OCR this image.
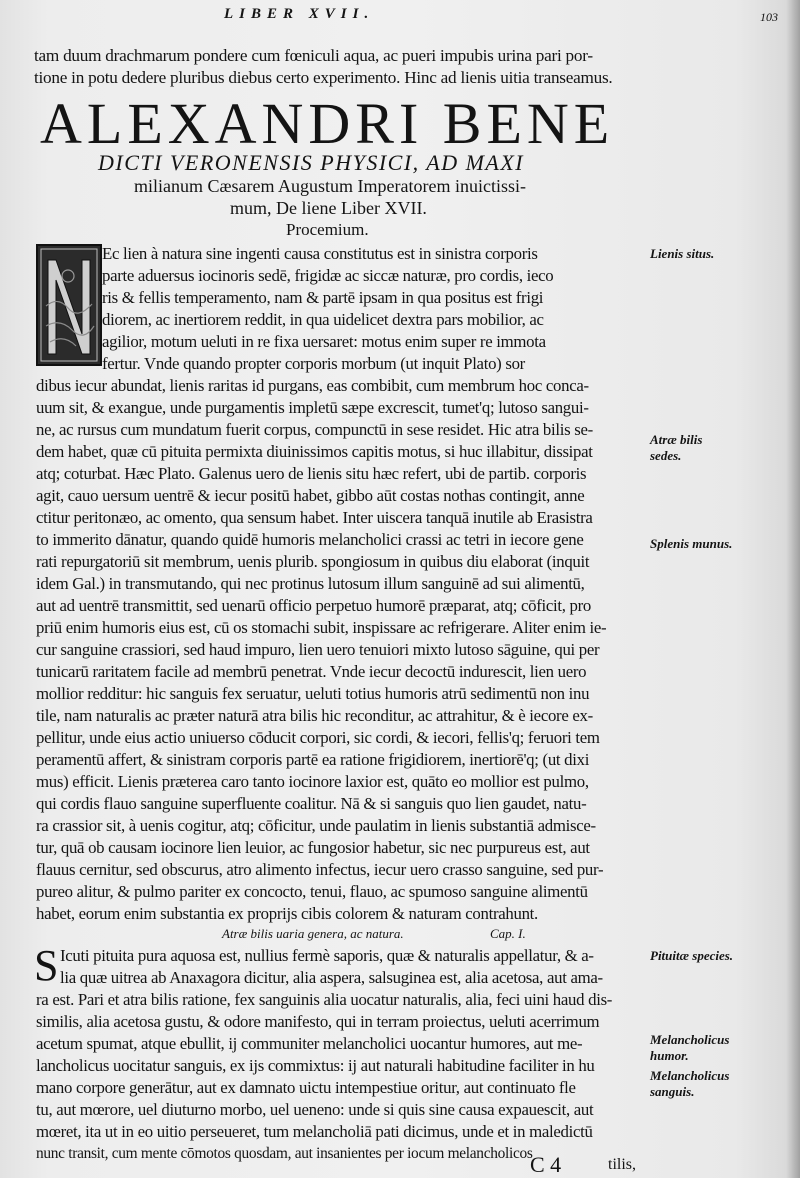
LIBER XVII.	103
tam duum drachmarum pondere cum fœniculi aqua, ac pueri impubis urina pari por-
tione in potu dedere pluribus diebus certo experimento. Hinc ad lienis uitia transeamus.
ALEXANDRI BENE
DICTI VERONENSIS PHYSICI, AD MAXI
milianum Cæsarem Augustum Imperatorem inuictissi-
mum, De liene Liber XVII.
Procemium.
Ec lien à natura sine ingenti causa constitutus est in sinistra corporis
parte aduersus iocinoris sedē, frigidæ ac siccæ naturæ, pro cordis, ieco
ris & fellis temperamento, nam & partē ipsam in qua positus est frigi
diorem, ac inertiorem reddit, in qua uidelicet dextra pars mobilior, ac
agilior, motum ueluti in re fixa uersaret: motus enim super re immota
fertur. Vnde quando propter corporis morbum (ut inquit Plato) sor
dibus iecur abundat, lienis raritas id purgans, eas combibit, cum membrum hoc conca-
uum sit, & exangue, unde purgamentis impletū sæpe excrescit, tumet'q; lutoso sangui-
ne, ac rursus cum mundatum fuerit corpus, compunctū in sese residet. Hic atra bilis se-
dem habet, quæ cū pituita permixta diuinissimos capitis motus, si huc illabitur, dissipat
atq; coturbat. Hæc Plato. Galenus uero de lienis situ hæc refert, ubi de partib. corporis
agit, cauo uersum uentrē & iecur positū habet, gibbo aūt costas nothas contingit, anne
ctitur peritonæo, ac omento, qua sensum habet. Inter uiscera tanquā inutile ab Erasistra
to immerito dānatur, quando quidē humoris melancholici crassi ac tetri in iecore gene
rati repurgatoriū sit membrum, uenis plurib. spongiosum in quibus diu elaborat (inquit
idem Gal.) in transmutando, qui nec protinus lutosum illum sanguinē ad sui alimentū,
aut ad uentrē transmittit, sed uenarū officio perpetuo humorē præparat, atq; cōficit, pro
priū enim humoris eius est, cū os stomachi subit, inspissare ac refrigerare. Aliter enim ie-
cur sanguine crassiori, sed haud impuro, lien uero tenuiori mixto lutoso sāguine, qui per
tunicarū raritatem facile ad membrū penetrat. Vnde iecur decoctū indurescit, lien uero
mollior redditur: hic sanguis fex seruatur, ueluti totius humoris atrū sedimentū non inu
tile, nam naturalis ac præter naturā atra bilis hic reconditur, ac attrahitur, & è iecore ex-
pellitur, unde eius actio uniuerso cōducit corpori, sic cordi, & iecori, fellis'q; feruori tem
peramentū affert, & sinistram corporis partē ea ratione frigidiorem, inertiorē'q; (ut dixi
mus) efficit. Lienis præterea caro tanto iocinore laxior est, quāto eo mollior est pulmo,
qui cordis flauo sanguine superfluente coalitur. Nā & si sanguis quo lien gaudet, natu-
ra crassior sit, à uenis cogitur, atq; cōficitur, unde paulatim in lienis substantiā admisce-
tur, quā ob causam iocinore lien leuior, ac fungosior habetur, sic nec purpureus est, aut
flauus cernitur, sed obscurus, atro alimento infectus, iecur uero crasso sanguine, sed pur-
pureo alitur, & pulmo pariter ex concocto, tenui, flauo, ac spumoso sanguine alimentū
habet, eorum enim substantia ex proprijs cibis colorem & naturam contrahunt.
Atræ bilis uaria genera, ac natura.	Cap. I.
S Icuti pituita pura aquosa est, nullius fermè saporis, quæ & naturalis appellatur, & a-
lia quæ uitrea ab Anaxagora dicitur, alia aspera, salsuginea est, alia acetosa, aut ama-
ra est. Pari et atra bilis ratione, fex sanguinis alia uocatur naturalis, alia, feci uini haud dis-
similis, alia acetosa gustu, & odore manifesto, qui in terram proiectus, ueluti acerrimum
acetum spumat, atque ebullit, ij communiter melancholici uocantur humores, aut me-
lancholicus uocitatur sanguis, ex ijs commixtus: ij aut naturali habitudine faciliter in hu
mano corpore generātur, aut ex damnato uictu intempestiue oritur, aut continuato fle
tu, aut mœrore, uel diuturno morbo, uel ueneno: unde si quis sine causa expauescit, aut
mœret, ita ut in eo uitio perseueret, tum melancholiā pati dicimus, unde et in maledictū
nunc transit, cum mente cōmotos quosdam, aut insanientes per iocum melancholicos
Lienis situs.
Atræ bilis
sedes.
Splenis munus.
Pituitæ species.
Melancholicus
humor.
Melancholicus
sanguis.
C 4	tilis,
